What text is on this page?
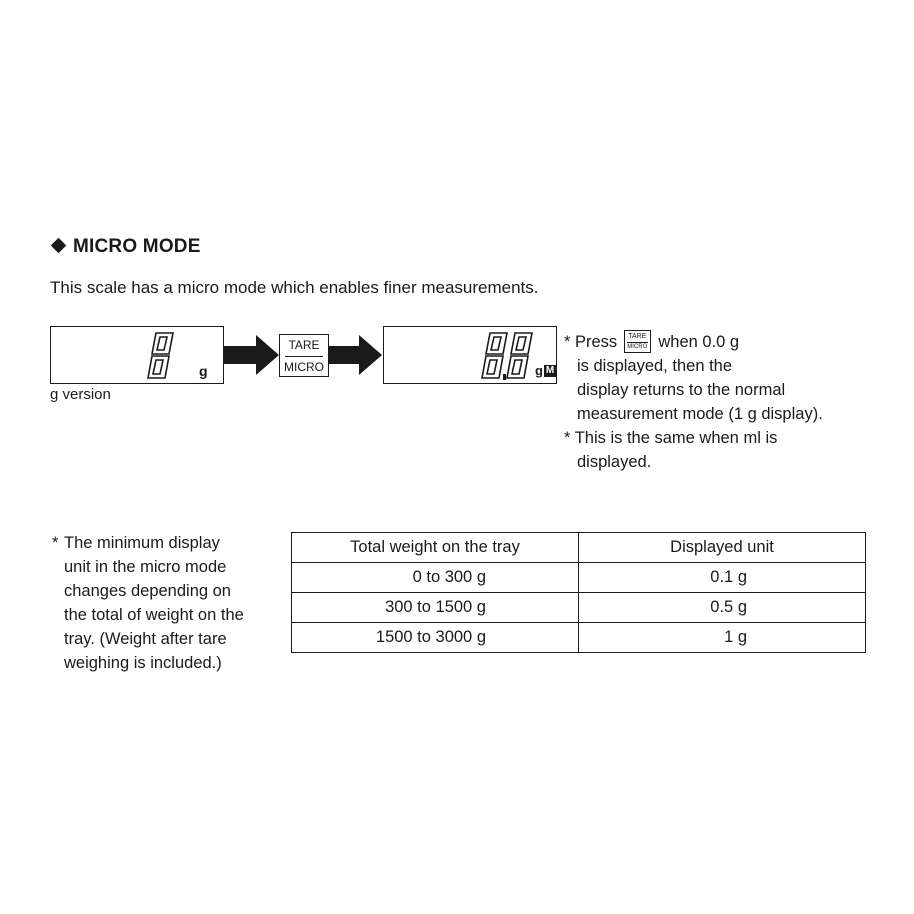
MICRO MODE
This scale has a micro mode which enables finer measurements.
g
g version
TARE
MICRO	g M
* Press	TARE
MICRO when 0.0 g
is displayed, then the
display returns to the normal
measurement mode (1 g display).
* This is the same when ml is
displayed.
* The minimum display
unit in the micro mode
changes depending on
the total of weight on the
tray. (Weight after tare
weighing is included.)
Total weight on the tray	Displayed unit
0 to 300 g	0.1 g
300 to 1500 g	0.5 g
1500 to 3000 g	1 g
